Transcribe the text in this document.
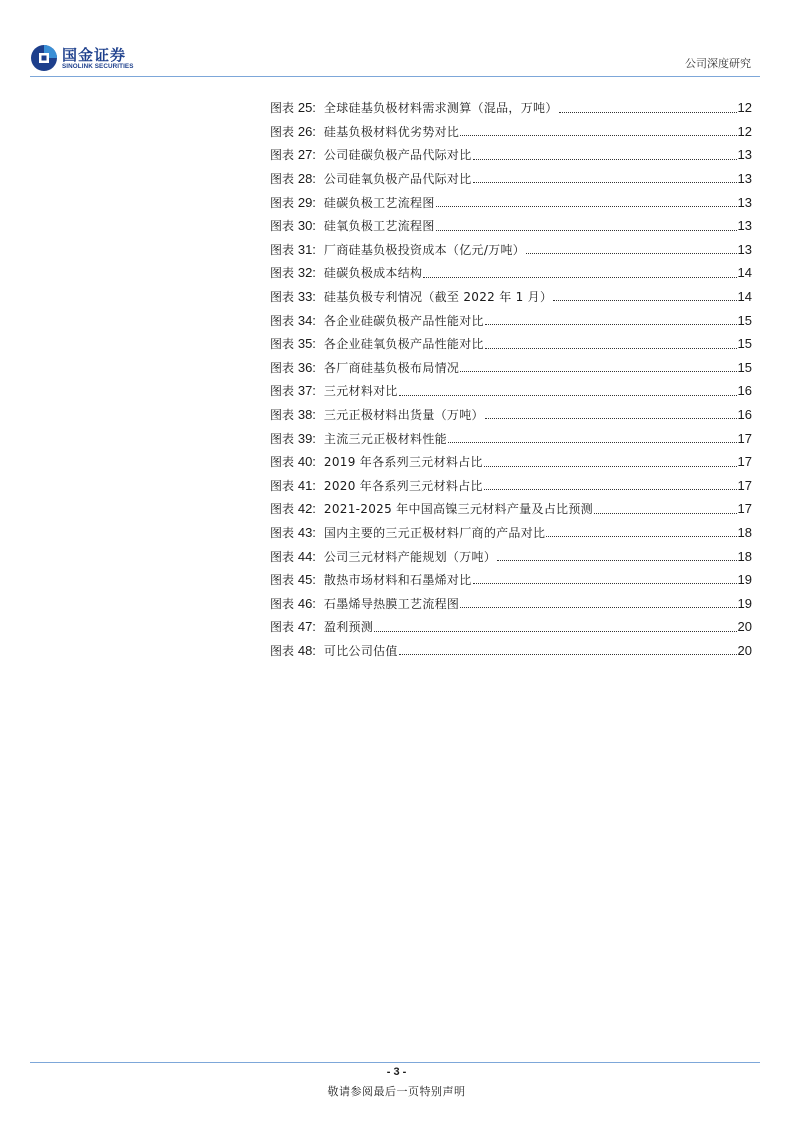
国金证券
SINOLINK SECURITIES	公司深度研究
图表 25: 全球硅基负极材料需求测算（混品，万吨）	12
图表 26: 硅基负极材料优劣势对比	12
图表 27: 公司硅碳负极产品代际对比	13
图表 28: 公司硅氧负极产品代际对比	13
图表 29: 硅碳负极工艺流程图	13
图表 30: 硅氧负极工艺流程图	13
图表 31: 厂商硅基负极投资成本（亿元/万吨）	13
图表 32: 硅碳负极成本结构	14
图表 33: 硅基负极专利情况（截至 2022 年 1 月）	14
图表 34: 各企业硅碳负极产品性能对比	15
图表 35: 各企业硅氧负极产品性能对比	15
图表 36: 各厂商硅基负极布局情况	15
图表 37: 三元材料对比	16
图表 38: 三元正极材料出货量（万吨）	16
图表 39: 主流三元正极材料性能	17
图表 40: 2019 年各系列三元材料占比	17
图表 41: 2020 年各系列三元材料占比	17
图表 42: 2021-2025 年中国高镍三元材料产量及占比预测	17
图表 43: 国内主要的三元正极材料厂商的产品对比	18
图表 44: 公司三元材料产能规划（万吨）	18
图表 45: 散热市场材料和石墨烯对比	19
图表 46: 石墨烯导热膜工艺流程图	19
图表 47: 盈利预测	20
图表 48: 可比公司估值	20
- 3 -
敬请参阅最后一页特别声明
